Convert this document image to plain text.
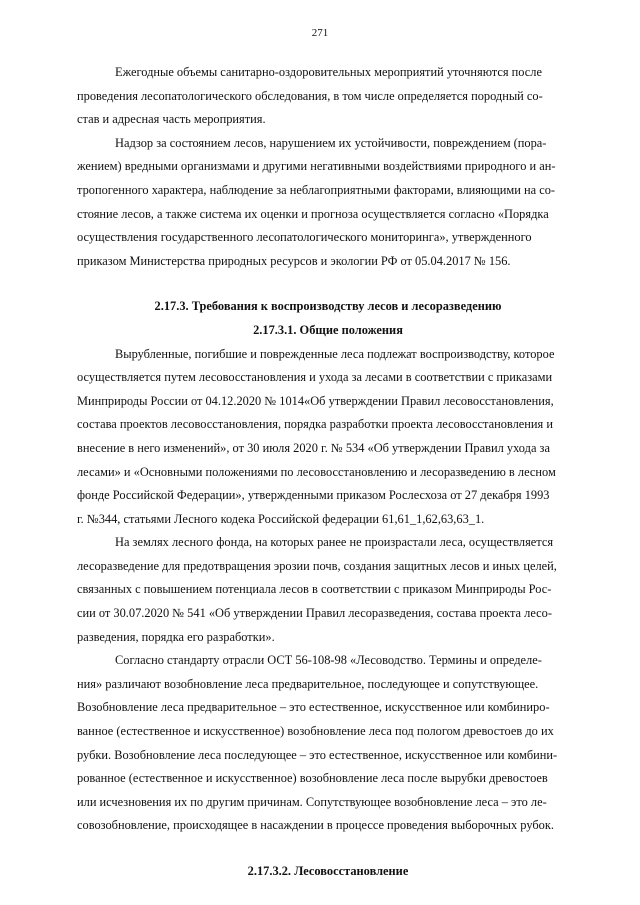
271

Ежегодные объемы санитарно-оздоровительных мероприятий уточняются после
проведения лесопатологического обследования, в том числе определяется породный со-
став и адресная часть мероприятия.

Надзор за состоянием лесов, нарушением их устойчивости, повреждением (пора-
жением) вредными организмами и другими негативными воздействиями природного и ан-
тропогенного характера, наблюдение за неблагоприятными факторами, влияющими на со-
стояние лесов, а также система их оценки и прогноза осуществляется согласно «Порядка
осуществления государственного лесопатологического мониторинга», утвержденного
приказом Министерства природных ресурсов и экологии РФ от 05.04.2017 № 156.

2.17.3. Требования к воспроизводству лесов и лесоразведению
2.17.3.1. Общие положения

Вырубленные, погибшие и поврежденные леса подлежат воспроизводству, которое
осуществляется путем лесовосстановления и ухода за лесами в соответствии с приказами
Минприроды России от 04.12.2020 № 1014«Об утверждении Правил лесовосстановления,
состава проектов лесовосстановления, порядка разработки проекта лесовосстановления и
внесение в него изменений», от 30 июля 2020 г. № 534 «Об утверждении Правил ухода за
лесами» и «Основными положениями по лесовосстановлению и лесоразведению в лесном
фонде Российской Федерации», утвержденными приказом Рослесхоза от 27 декабря 1993
г. №344, статьями Лесного кодека Российской федерации 61,61_1,62,63,63_1.

На землях лесного фонда, на которых ранее не произрастали леса, осуществляется
лесоразведение для предотвращения эрозии почв, создания защитных лесов и иных целей,
связанных с повышением потенциала лесов в соответствии с приказом Минприроды Рос-
сии от 30.07.2020 № 541 «Об утверждении Правил лесоразведения, состава проекта лесо-
разведения, порядка его разработки».

Согласно стандарту отрасли ОСТ 56-108-98 «Лесоводство. Термины и определе-
ния» различают возобновление леса предварительное, последующее и сопутствующее.
Возобновление леса предварительное – это естественное, искусственное или комбиниро-
ванное (естественное и искусственное) возобновление леса под пологом древостоев до их
рубки. Возобновление леса последующее – это естественное, искусственное или комбини-
рованное (естественное и искусственное) возобновление леса после вырубки древостоев
или исчезновения их по другим причинам. Сопутствующее возобновление леса – это ле-
совозобновление, происходящее в насаждении в процессе проведения выборочных рубок.

2.17.3.2. Лесовосстановление
